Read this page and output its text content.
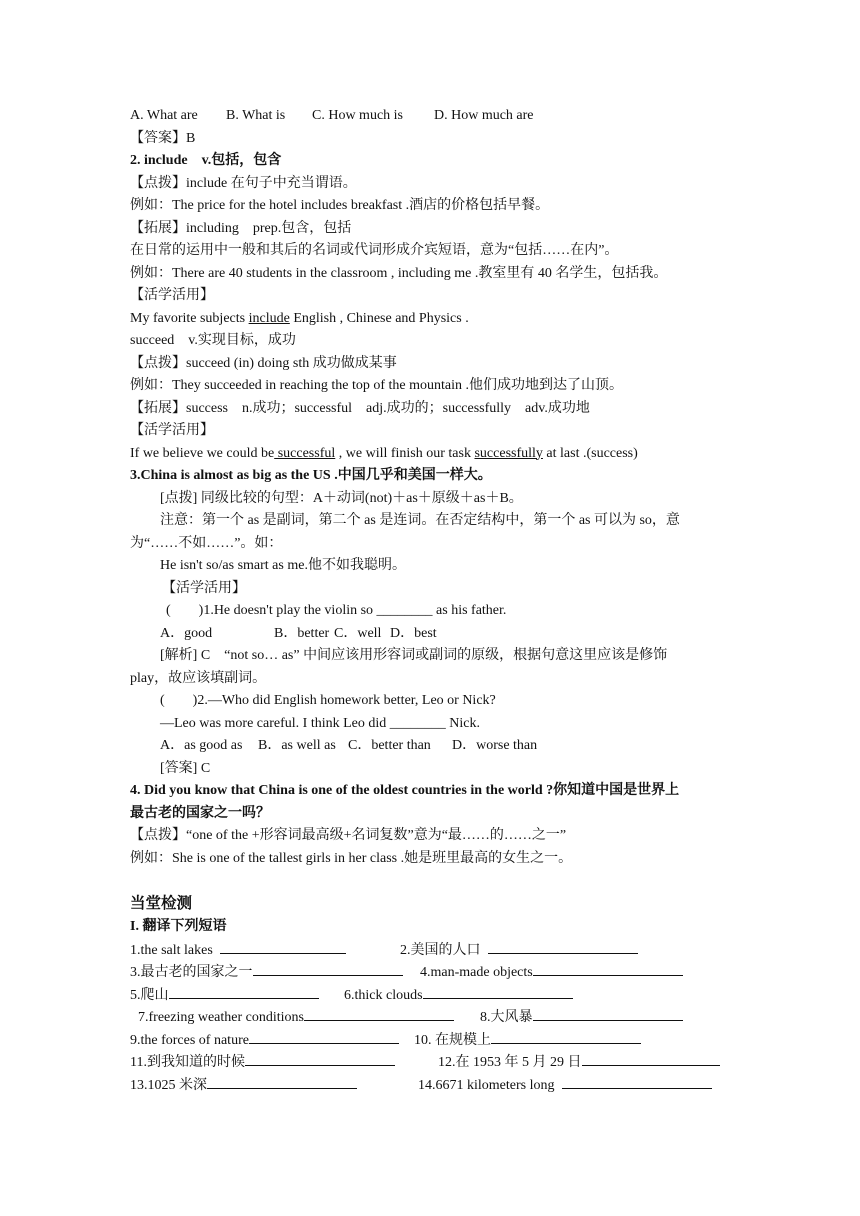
A. What are B. What is C. How much is D. How much are
【答案】B
2. include　v.包括，包含
【点拨】include 在句子中充当谓语。
例如：The price for the hotel includes breakfast .酒店的价格包括早餐。
【拓展】including　prep.包含，包括
在日常的运用中一般和其后的名词或代词形成介宾短语，意为“包括……在内”。
例如：There are 40 students in the classroom , including me .教室里有 40 名学生，包括我。
【活学活用】
My favorite subjects include English , Chinese and Physics .
succeed　v.实现目标，成功
【点拨】succeed (in) doing sth 成功做成某事
例如：They succeeded in reaching the top of the mountain .他们成功地到达了山顶。
【拓展】success　n.成功；successful　adj.成功的；successfully　adv.成功地
【活学活用】
If we believe we could be successful , we will finish our task successfully at last .(success)
3.China is almost as big as the US .中国几乎和美国一样大。
[点拨] 同级比较的句型：A＋动词(not)＋as＋原级＋as＋B。
注意：第一个 as 是副词，第二个 as 是连词。在否定结构中，第一个 as 可以为 so，意
为“……不如……”。如：
He isn't so/as smart as me.他不如我聪明。
【活学活用】
(　　)1.He doesn't play the violin so ________ as his father.
A．good	B．better C．well D．best
[解析] C　“not so… as” 中间应该用形容词或副词的原级，根据句意这里应该是修饰
play，故应该填副词。
(　　)2.—Who did English homework better, Leo or Nick?
—Leo was more careful. I think Leo did ________ Nick.
A．as good as B．as well as C．better than D．worse than
[答案] C
4. Did you know that China is one of the oldest countries in the world ?你知道中国是世界上
最古老的国家之一吗？
【点拨】“one of the +形容词最高级+名词复数”意为“最……的……之一”
例如：She is one of the tallest girls in her class .她是班里最高的女生之一。
当堂检测
I. 翻译下列短语
1.the salt lakes	2.美国的人口
3.最古老的国家之一	4.man-made objects
5.爬山	6.thick clouds
7.freezing weather conditions	8.大风暴
9.the forces of nature	10. 在规模上
11.到我知道的时候	12.在 1953 年 5 月 29 日
13.1025 米深	14.6671 kilometers long
